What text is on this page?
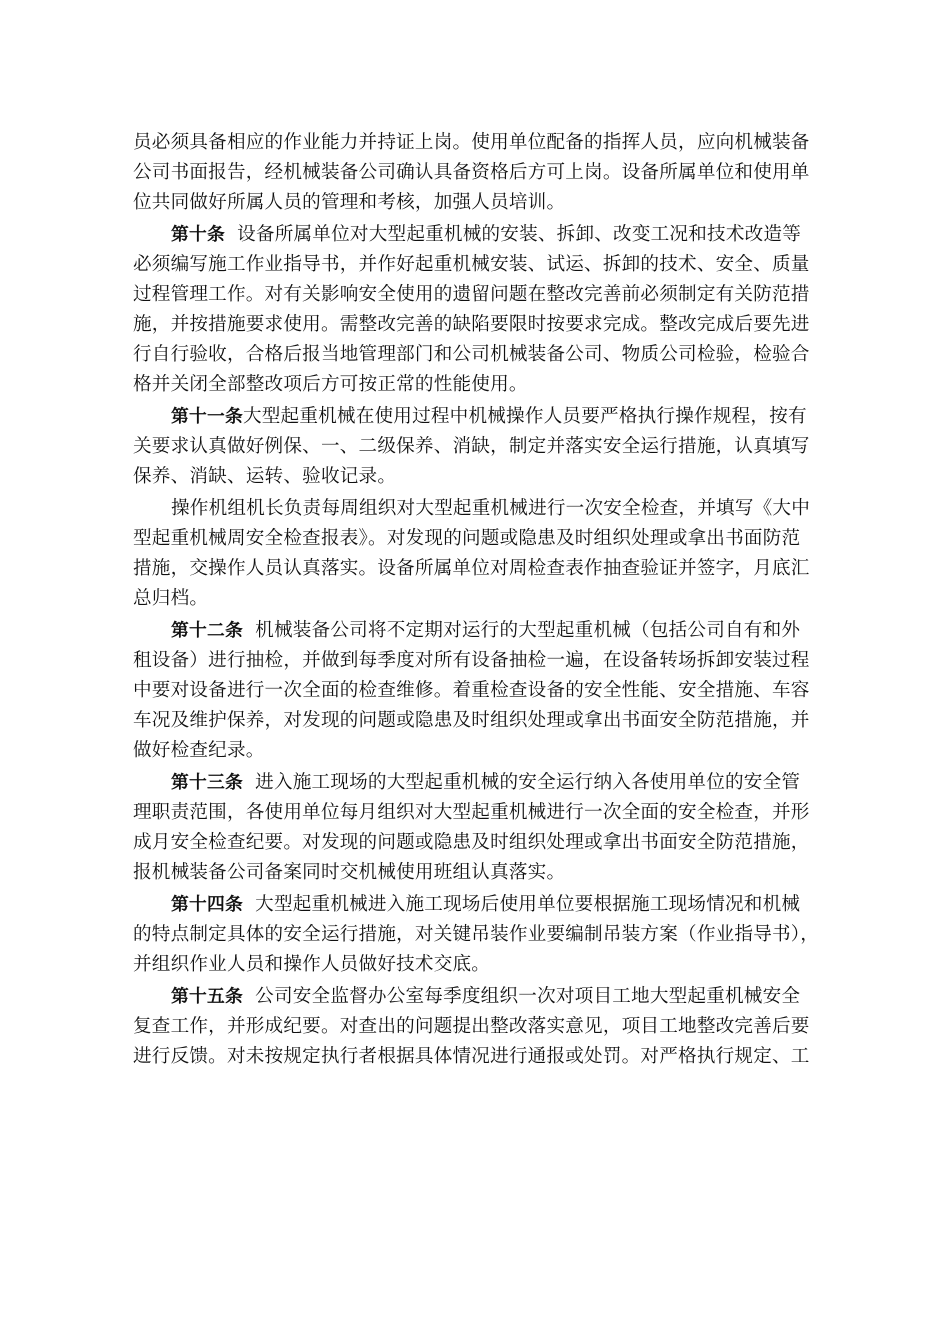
员必须具备相应的作业能力并持证上岗。使用单位配备的指挥人员，应向机械装备
公司书面报告，经机械装备公司确认具备资格后方可上岗。设备所属单位和使用单
位共同做好所属人员的管理和考核，加强人员培训。
第十条  设备所属单位对大型起重机械的安装、拆卸、改变工况和技术改造等
必须编写施工作业指导书，并作好起重机械安装、试运、拆卸的技术、安全、质量
过程管理工作。对有关影响安全使用的遗留问题在整改完善前必须制定有关防范措
施，并按措施要求使用。需整改完善的缺陷要限时按要求完成。整改完成后要先进
行自行验收，合格后报当地管理部门和公司机械装备公司、物质公司检验，检验合
格并关闭全部整改项后方可按正常的性能使用。
第十一条大型起重机械在使用过程中机械操作人员要严格执行操作规程，按有
关要求认真做好例保、一、二级保养、消缺，制定并落实安全运行措施，认真填写
保养、消缺、运转、验收记录。
操作机组机长负责每周组织对大型起重机械进行一次安全检查，并填写《大中
型起重机械周安全检查报表》。对发现的问题或隐患及时组织处理或拿出书面防范
措施，交操作人员认真落实。设备所属单位对周检查表作抽查验证并签字，月底汇
总归档。
第十二条  机械装备公司将不定期对运行的大型起重机械（包括公司自有和外
租设备）进行抽检，并做到每季度对所有设备抽检一遍，在设备转场拆卸安装过程
中要对设备进行一次全面的检查维修。着重检查设备的安全性能、安全措施、车容
车况及维护保养，对发现的问题或隐患及时组织处理或拿出书面安全防范措施，并
做好检查纪录。
第十三条  进入施工现场的大型起重机械的安全运行纳入各使用单位的安全管
理职责范围，各使用单位每月组织对大型起重机械进行一次全面的安全检查，并形
成月安全检查纪要。对发现的问题或隐患及时组织处理或拿出书面安全防范措施，
报机械装备公司备案同时交机械使用班组认真落实。
第十四条  大型起重机械进入施工现场后使用单位要根据施工现场情况和机械
的特点制定具体的安全运行措施，对关键吊装作业要编制吊装方案（作业指导书），
并组织作业人员和操作人员做好技术交底。
第十五条  公司安全监督办公室每季度组织一次对项目工地大型起重机械安全
复查工作，并形成纪要。对查出的问题提出整改落实意见，项目工地整改完善后要
进行反馈。对未按规定执行者根据具体情况进行通报或处罚。对严格执行规定、工
